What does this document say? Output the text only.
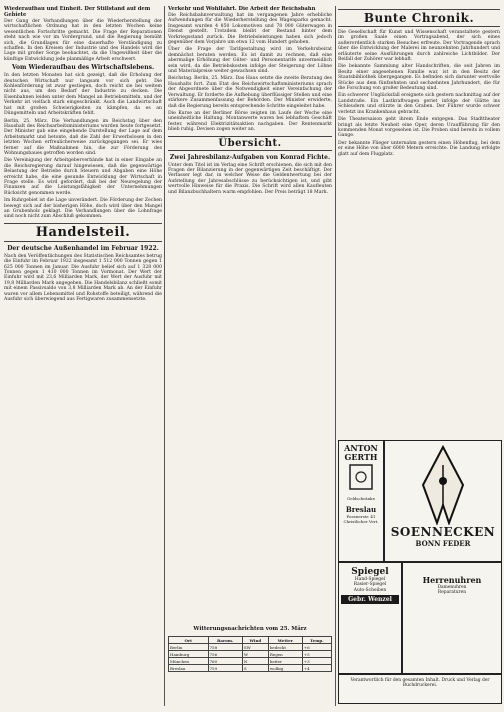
Wiederaufbau und Einheit. Der Stillstand auf dem Gebiete

Der Gang der Verhandlungen über die Wiederherstellung der wirtschaftlichen Ordnung hat in den letzten Wochen keine wesentlichen Fortschritte gemacht. Die Frage der Reparationen steht nach wie vor im Vordergrund, und die Regierung bemüht sich, die Grundlagen für eine dauerhafte Verständigung zu schaffen. In den Kreisen der Industrie und des Handels wird die Lage mit großer Sorge beobachtet, da die Ungewißheit über die künftige Entwicklung jede planmäßige Arbeit erschwert.

Vom Wiederaufbau des Wirtschaftslebens.

In den letzten Monaten hat sich gezeigt, daß die Erholung der deutschen Wirtschaft nur langsam vor sich geht. Die Kohlenförderung ist zwar gestiegen, doch reicht sie bei weitem nicht aus, um den Bedarf der Industrie zu decken. Die Eisenbahnen leiden unter dem Mangel an Betriebsmitteln, und der Verkehr ist vielfach stark eingeschränkt. Auch die Landwirtschaft hat mit großen Schwierigkeiten zu kämpfen, da es an Düngemitteln und Arbeitskräften fehlt.

Berlin, 25. März. Die Verhandlungen im Reichstag über den Haushalt des Reichsarbeitsministeriums wurden heute fortgesetzt. Der Minister gab eine eingehende Darstellung der Lage auf dem Arbeitsmarkt und betonte, daß die Zahl der Erwerbslosen in den letzten Wochen erfreulicherweise zurückgegangen sei. Er wies ferner auf die Maßnahmen hin, die zur Förderung des Wohnungsbaues getroffen worden sind.

Die Vereinigung der Arbeitgeberverbände hat in einer Eingabe an die Reichsregierung darauf hingewiesen, daß die gegenwärtige Belastung der Betriebe durch Steuern und Abgaben eine Höhe erreicht habe, die eine gesunde Entwicklung der Wirtschaft in Frage stelle. Es wird gefordert, daß bei der Neuregelung der Finanzen auf die Leistungsfähigkeit der Unternehmungen Rücksicht genommen werde.

Im Ruhrgebiet ist die Lage unverändert. Die Förderung der Zechen bewegt sich auf der bisherigen Höhe, doch wird über den Mangel an Grubenholz geklagt. Die Verhandlungen über die Lohnfrage sind noch nicht zum Abschluß gekommen.

Handelsteil.
Der deutsche Außenhandel im Februar 1922.

Nach den Veröffentlichungen des Statistischen Reichsamtes betrug die Einfuhr im Februar 1922 insgesamt 1 512 000 Tonnen gegen 1 625 000 Tonnen im Januar. Die Ausfuhr belief sich auf 1 328 000 Tonnen gegen 1 410 000 Tonnen im Vormonat. Der Wert der Einfuhr wird mit 23,6 Milliarden Mark, der Wert der Ausfuhr mit 19,8 Milliarden Mark angegeben. Die Handelsbilanz schließt somit mit einem Passivsaldo von 3,8 Milliarden Mark ab. An der Einfuhr waren vor allem Lebensmittel und Rohstoffe beteiligt, während die Ausfuhr sich überwiegend aus Fertigwaren zusammensetzte.

Verkehr und Wohlfahrt. Die Arbeit der Reichsbahn

Die Reichsbahnverwaltung hat im vergangenen Jahre erhebliche Aufwendungen für die Wiederherstellung des Wagenparks gemacht. Insgesamt wurden 4 850 Lokomotiven und 78 000 Güterwagen in Dienst gestellt. Trotzdem bleibt der Bestand hinter dem Vorkriegsstand zurück. Die Betriebsleistungen haben sich jedoch gegenüber dem Vorjahre um etwa 12 vom Hundert gehoben.

Über die Frage der Tarifgestaltung wird im Verkehrsbeirat demnächst beraten werden. Es ist damit zu rechnen, daß eine abermalige Erhöhung der Güter- und Personentarife unvermeidlich sein wird, da die Betriebskosten infolge der Steigerung der Löhne und Materialpreise weiter gewachsen sind.

Reichstag. Berlin, 25. März. Das Haus setzte die zweite Beratung des Haushalts fort. Zum Etat des Reichswirtschaftsministeriums sprach der Abgeordnete über die Notwendigkeit einer Vereinfachung der Verwaltung. Er forderte die Aufhebung überflüssiger Stellen und eine stärkere Zusammenfassung der Behörden. Der Minister erwiderte, daß die Regierung bereits entsprechende Schritte eingeleitet habe.

Die Kurse an der Berliner Börse zeigten im Laufe der Woche eine uneinheitliche Haltung. Montanwerte waren bei lebhaftem Geschäft fester, während Elektrizitätsaktien nachgaben. Der Rentenmarkt blieb ruhig. Devisen zogen weiter an.

Übersicht.
Zwei Jahresbilanz-Aufgaben von Konrad Fichte.

Unter dem Titel ist im Verlag eine Schrift erschienen, die sich mit den Fragen der Bilanzierung in der gegenwärtigen Zeit beschäftigt. Der Verfasser legt dar, in welcher Weise die Geldentwertung bei der Aufstellung der Jahresabschlüsse zu berücksichtigen ist, und gibt wertvolle Hinweise für die Praxis. Die Schrift wird allen Kaufleuten und Bilanzbuchhaltern warm empfohlen. Der Preis beträgt 18 Mark.

Witterungsnachrichten vom 25. März
Ort	Barom.	Wind	Wetter	Temp.
Berlin	758	SW	bedeckt	+6
Hamburg	756	W	Regen	+5
München	760	N	heiter	+3
Breslau	759	S	wolkig	+4
Bunte Chronik.

Die Gesellschaft für Kunst und Wissenschaft veranstaltete gestern im großen Saale einen Vortragsabend, der sich eines außerordentlich starken Besuches erfreute. Der Vortragende sprach über die Entwicklung der Malerei im neunzehnten Jahrhundert und erläuterte seine Ausführungen durch zahlreiche Lichtbilder. Der Beifall der Zuhörer war lebhaft.

Die bekannte Sammlung alter Handschriften, die seit Jahren im Besitz einer angesehenen Familie war, ist in den Besitz der Staatsbibliothek übergegangen. Es befinden sich darunter wertvolle Stücke aus dem fünfzehnten und sechzehnten Jahrhundert, die für die Forschung von großer Bedeutung sind.

Ein schwerer Unglücksfall ereignete sich gestern nachmittag auf der Landstraße. Ein Lastkraftwagen geriet infolge der Glätte ins Schleudern und stürzte in den Graben. Der Führer wurde schwer verletzt ins Krankenhaus gebracht.

Die Theatersaison geht ihrem Ende entgegen. Das Stadttheater bringt als letzte Neuheit eine Oper, deren Uraufführung für den kommenden Monat vorgesehen ist. Die Proben sind bereits in vollem Gange.

Der bekannte Flieger unternahm gestern einen Höhenflug, bei dem er eine Höhe von über 6000 Metern erreichte. Die Landung erfolgte glatt auf dem Flugplatz.

ANTON GERTH
Geldschränke
Breslau
Posenerstr. 41 Christlicher Vert.
SOENNECKEN
BONN FEDER
Spiegel
Hand-Spiegel
Rasier-Spiegel
Auto-Scheiben
Gebr. Wenzel
Herrenuhren
Damenuhren
Reparaturen
Verantwortlich für den gesamten Inhalt. Druck und Verlag der Buchdruckerei.
